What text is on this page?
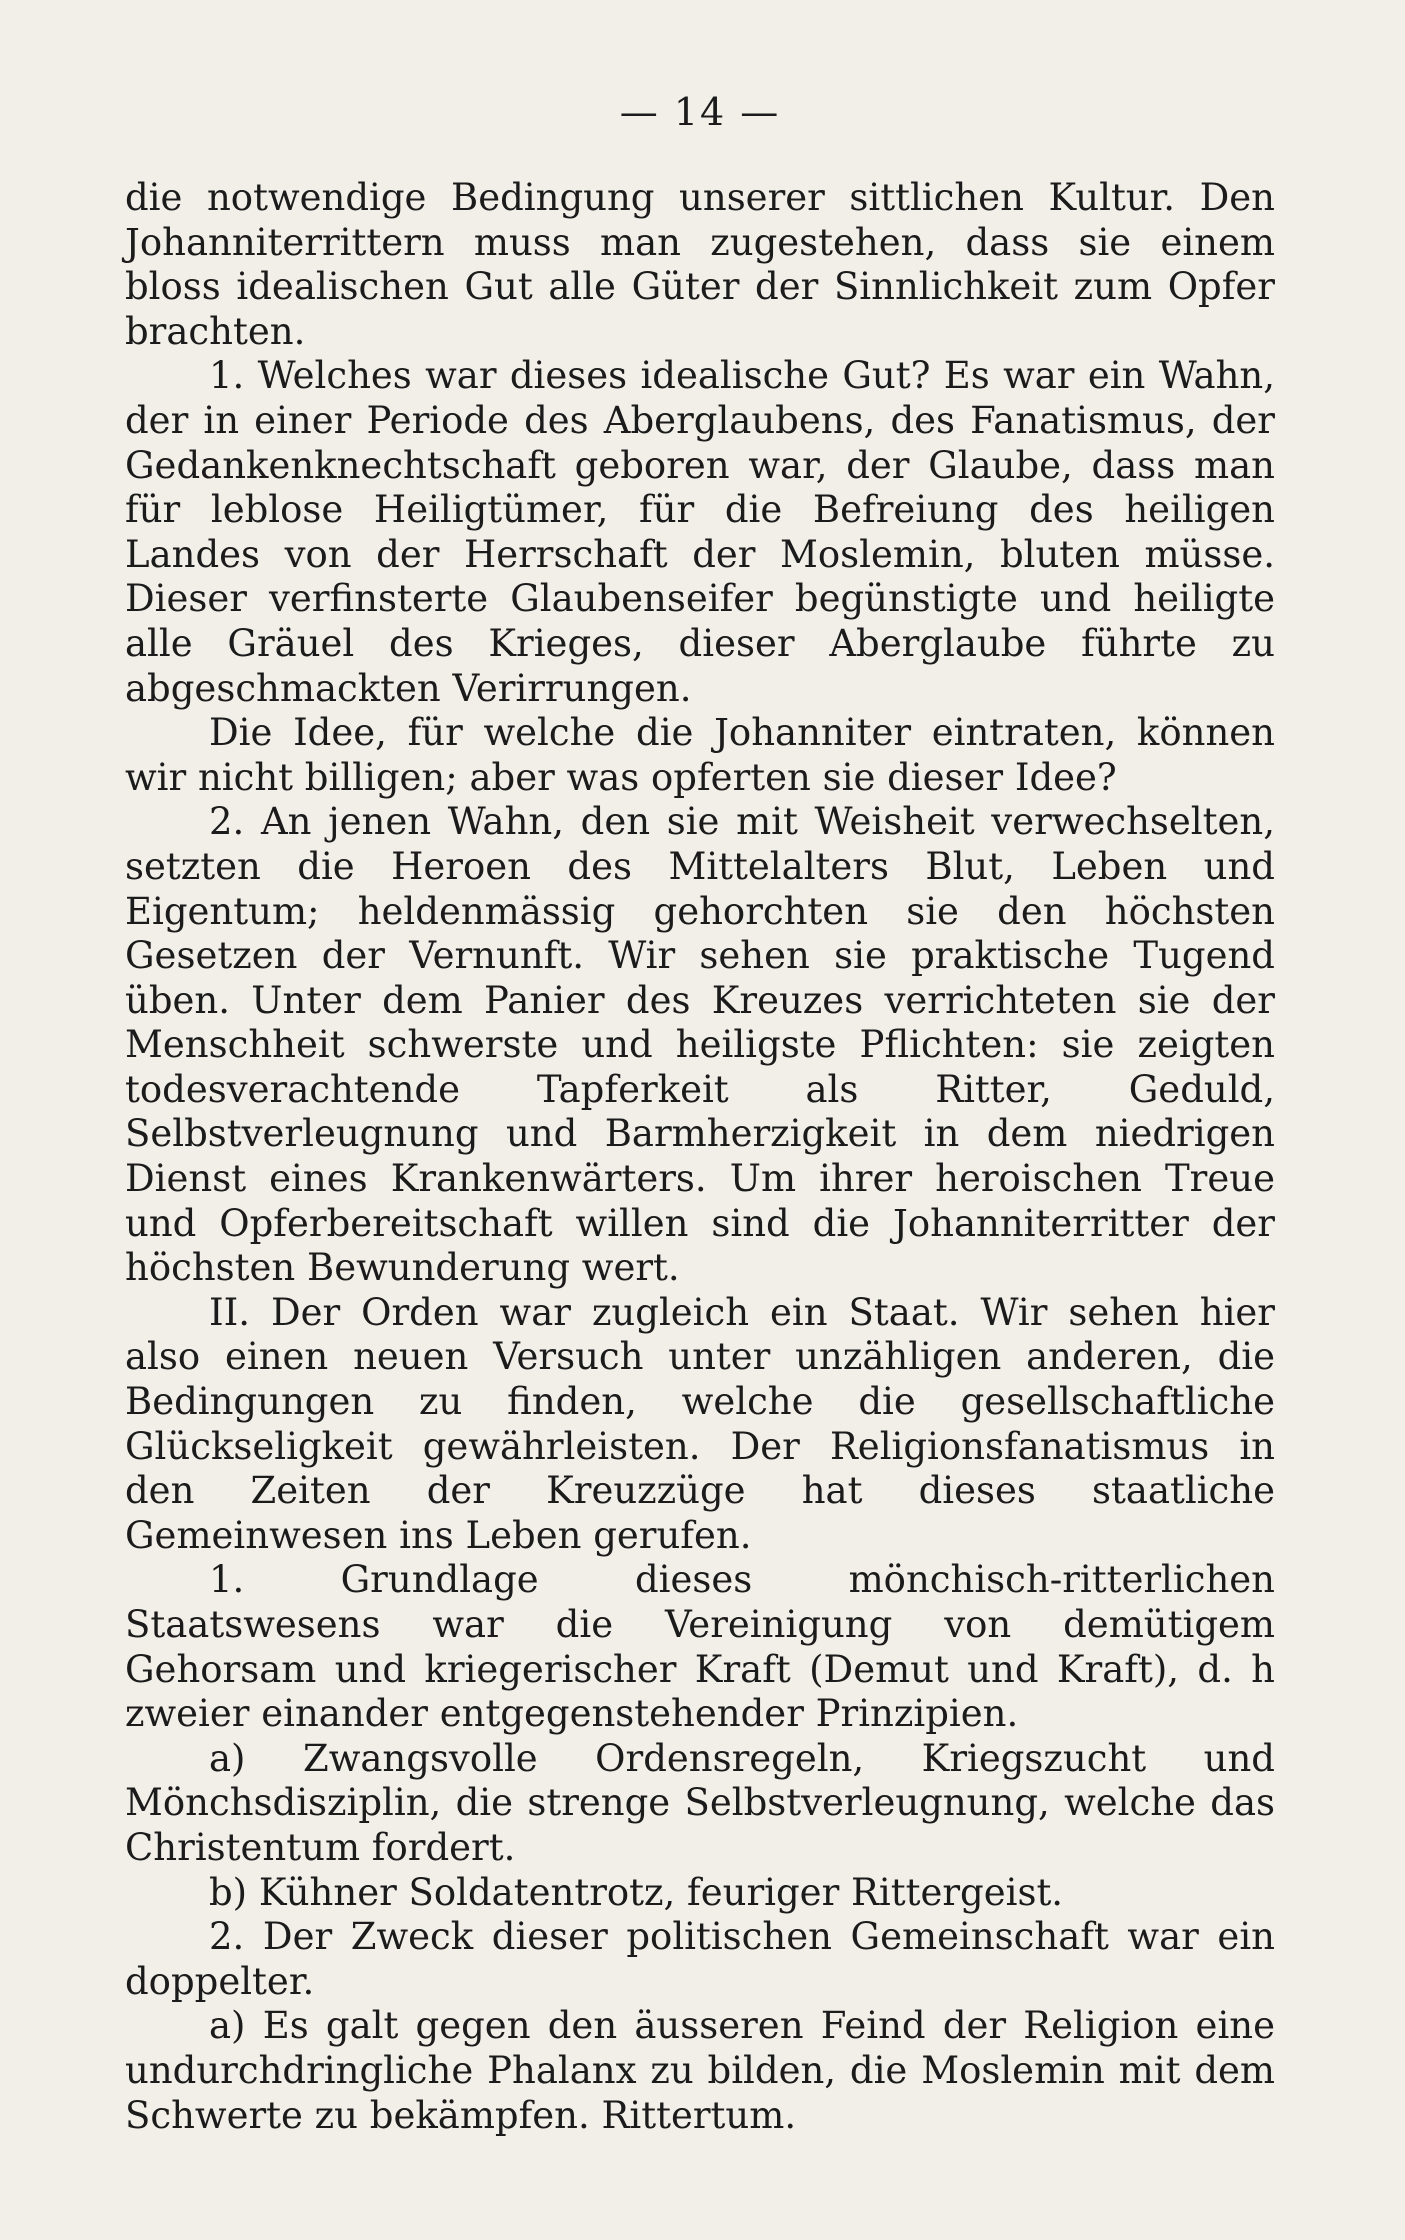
— 14 —

die notwendige Bedingung unserer sittlichen Kultur. Den Johanniterrittern muss man zugestehen, dass sie einem bloss idealischen Gut alle Güter der Sinnlichkeit zum Opfer brachten.

1. Welches war dieses idealische Gut? Es war ein Wahn, der in einer Periode des Aberglaubens, des Fanatismus, der Gedankenknechtschaft geboren war, der Glaube, dass man für leblose Heiligtümer, für die Befreiung des heiligen Landes von der Herrschaft der Moslemin, bluten müsse. Dieser verfinsterte Glaubenseifer begünstigte und heiligte alle Gräuel des Krieges, dieser Aberglaube führte zu abgeschmackten Verirrungen.

Die Idee, für welche die Johanniter eintraten, können wir nicht billigen; aber was opferten sie dieser Idee?

2. An jenen Wahn, den sie mit Weisheit verwechselten, setzten die Heroen des Mittelalters Blut, Leben und Eigentum; heldenmässig gehorchten sie den höchsten Gesetzen der Vernunft. Wir sehen sie praktische Tugend üben. Unter dem Panier des Kreuzes verrichteten sie der Menschheit schwerste und heiligste Pflichten: sie zeigten todesverachtende Tapferkeit als Ritter, Geduld, Selbstverleugnung und Barmherzigkeit in dem niedrigen Dienst eines Krankenwärters. Um ihrer heroischen Treue und Opferbereitschaft willen sind die Johanniterritter der höchsten Bewunderung wert.

II. Der Orden war zugleich ein Staat. Wir sehen hier also einen neuen Versuch unter unzähligen anderen, die Bedingungen zu finden, welche die gesellschaftliche Glückseligkeit gewährleisten. Der Religionsfanatismus in den Zeiten der Kreuzzüge hat dieses staatliche Gemeinwesen ins Leben gerufen.

1. Grundlage dieses mönchisch-ritterlichen Staatswesens war die Vereinigung von demütigem Gehorsam und kriegerischer Kraft (Demut und Kraft), d. h zweier einander entgegenstehender Prinzipien.

a) Zwangsvolle Ordensregeln, Kriegszucht und Mönchsdisziplin, die strenge Selbstverleugnung, welche das Christentum fordert.

b) Kühner Soldatentrotz, feuriger Rittergeist.

2. Der Zweck dieser politischen Gemeinschaft war ein doppelter.

a) Es galt gegen den äusseren Feind der Religion eine undurchdringliche Phalanx zu bilden, die Moslemin mit dem Schwerte zu bekämpfen. Rittertum.
